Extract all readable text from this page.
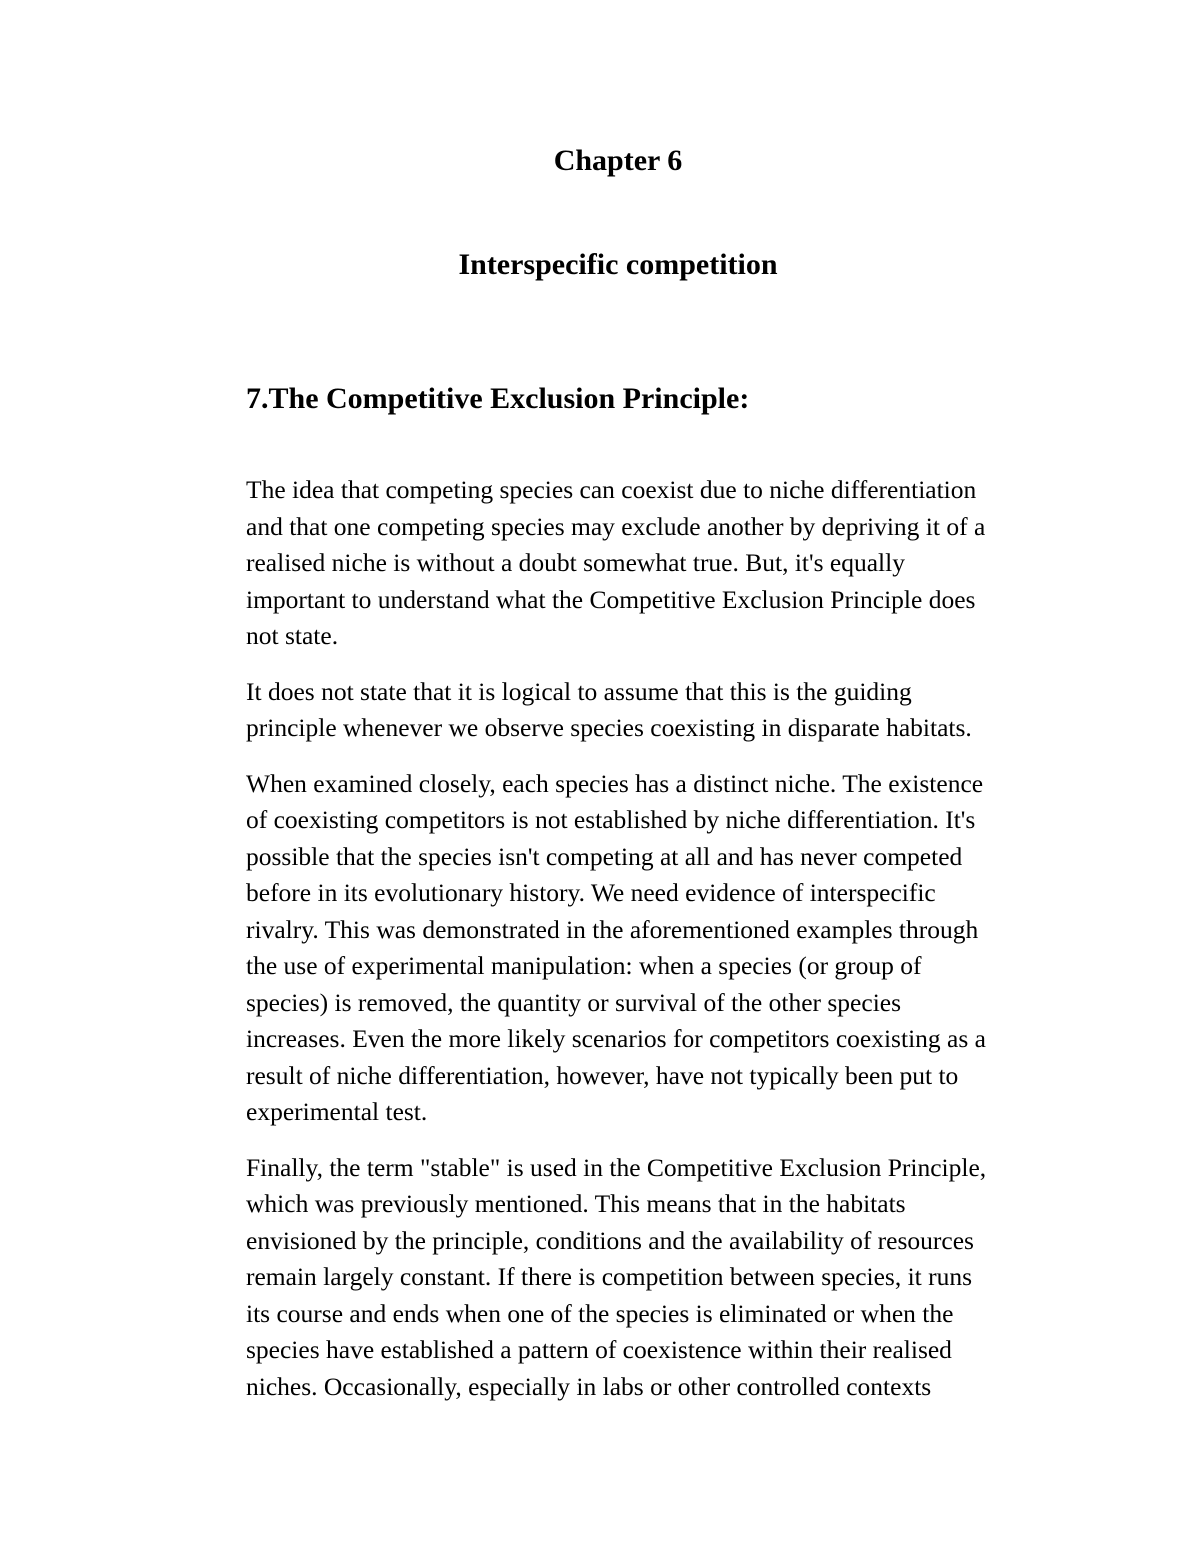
Chapter 6
Interspecific competition
7.The Competitive Exclusion Principle:
The idea that competing species can coexist due to niche differentiation
and that one competing species may exclude another by depriving it of a
realised niche is without a doubt somewhat true. But, it's equally
important to understand what the Competitive Exclusion Principle does
not state.
It does not state that it is logical to assume that this is the guiding
principle whenever we observe species coexisting in disparate habitats.
When examined closely, each species has a distinct niche. The existence
of coexisting competitors is not established by niche differentiation. It's
possible that the species isn't competing at all and has never competed
before in its evolutionary history. We need evidence of interspecific
rivalry. This was demonstrated in the aforementioned examples through
the use of experimental manipulation: when a species (or group of
species) is removed, the quantity or survival of the other species
increases. Even the more likely scenarios for competitors coexisting as a
result of niche differentiation, however, have not typically been put to
experimental test.
Finally, the term "stable" is used in the Competitive Exclusion Principle,
which was previously mentioned. This means that in the habitats
envisioned by the principle, conditions and the availability of resources
remain largely constant. If there is competition between species, it runs
its course and ends when one of the species is eliminated or when the
species have established a pattern of coexistence within their realised
niches. Occasionally, especially in labs or other controlled contexts
